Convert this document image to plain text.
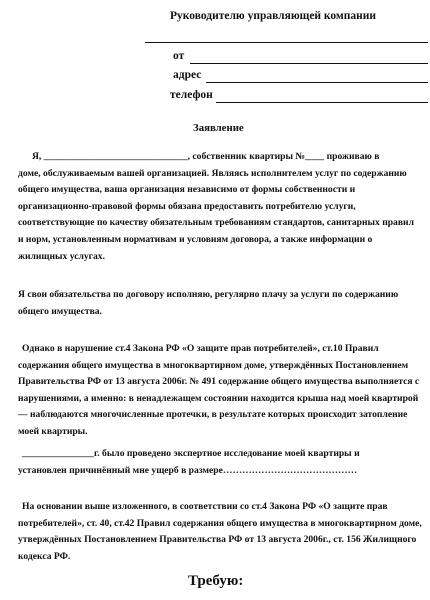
Руководителю управляющей компании
от
адрес
телефон
Заявление
Я, ______________________________, собственник квартиры №____ проживаю в
доме, обслуживаемым вашей организацией. Являясь исполнителем услуг по содержанию
общего имущества, ваша организация независимо от формы собственности и
организационно-правовой формы обязана предоставить потребителю услуги,
соответствующие по качеству обязательным требованиям стандартов, санитарных правил
и норм, установленным нормативам и условиям договора, а также информации о
жилищных услугах.
Я свои обязательства по договору исполняю, регулярно плачу за услуги по содержанию
общего имущества.
Однако в нарушение ст.4 Закона РФ «О защите прав потребителей», ст.10 Правил
содержания общего имущества в многоквартирном доме, утверждённых Постановлением
Правительства РФ от 13 августа 2006г. № 491 содержание общего имущества выполняется с
нарушениями, а именно: в ненадлежащем состоянии находится крыша над моей квартирой
— наблюдаются многочисленные протечки, в результате которых происходит затопление
моей квартиры.
_______________г. было проведено экспертное исследование моей квартиры и
установлен причинённый мне ущерб в размере……………………………………
На основании выше изложенного, в соответствии со ст.4 Закона РФ «О защите прав
потребителей», ст. 40, ст.42 Правил содержания общего имущества в многоквартирном доме,
утверждённых Постановлением Правительства РФ от 13 августа 2006г., ст. 156 Жилищного
кодекса РФ.
Требую:
